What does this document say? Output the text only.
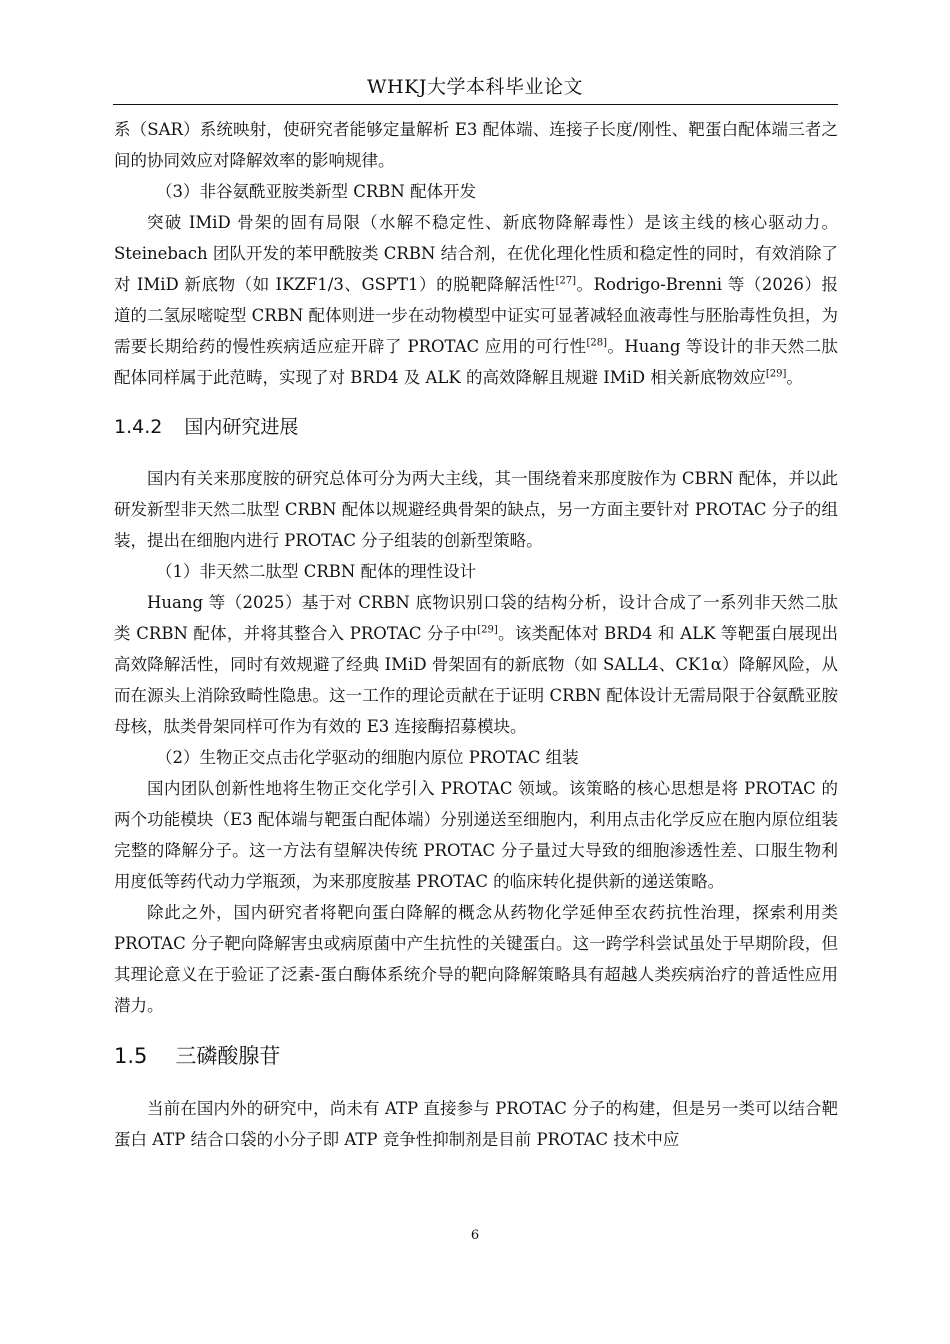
WHKJ大学本科毕业论文

系（SAR）系统映射，使研究者能够定量解析 E3 配体端、连接子长度/刚性、靶蛋白配体端三者之间的协同效应对降解效率的影响规律。

（3）非谷氨酰亚胺类新型 CRBN 配体开发

突破 IMiD 骨架的固有局限（水解不稳定性、新底物降解毒性）是该主线的核心驱动力。Steinebach 团队开发的苯甲酰胺类 CRBN 结合剂，在优化理化性质和稳定性的同时，有效消除了对 IMiD 新底物（如 IKZF1/3、GSPT1）的脱靶降解活性[27]。Rodrigo-Brenni 等（2026）报道的二氢尿嘧啶型 CRBN 配体则进一步在动物模型中证实可显著减轻血液毒性与胚胎毒性负担，为需要长期给药的慢性疾病适应症开辟了 PROTAC 应用的可行性[28]。Huang 等设计的非天然二肽配体同样属于此范畴，实现了对 BRD4 及 ALK 的高效降解且规避 IMiD 相关新底物效应[29]。

1.4.2 国内研究进展

国内有关来那度胺的研究总体可分为两大主线，其一围绕着来那度胺作为 CBRN 配体，并以此研发新型非天然二肽型 CRBN 配体以规避经典骨架的缺点，另一方面主要针对 PROTAC 分子的组装，提出在细胞内进行 PROTAC 分子组装的创新型策略。

（1）非天然二肽型 CRBN 配体的理性设计

Huang 等（2025）基于对 CRBN 底物识别口袋的结构分析，设计合成了一系列非天然二肽类 CRBN 配体，并将其整合入 PROTAC 分子中[29]。该类配体对 BRD4 和 ALK 等靶蛋白展现出高效降解活性，同时有效规避了经典 IMiD 骨架固有的新底物（如 SALL4、CK1α）降解风险，从而在源头上消除致畸性隐患。这一工作的理论贡献在于证明 CRBN 配体设计无需局限于谷氨酰亚胺母核，肽类骨架同样可作为有效的 E3 连接酶招募模块。

（2）生物正交点击化学驱动的细胞内原位 PROTAC 组装

国内团队创新性地将生物正交化学引入 PROTAC 领域。该策略的核心思想是将 PROTAC 的两个功能模块（E3 配体端与靶蛋白配体端）分别递送至细胞内，利用点击化学反应在胞内原位组装完整的降解分子。这一方法有望解决传统 PROTAC 分子量过大导致的细胞渗透性差、口服生物利用度低等药代动力学瓶颈，为来那度胺基 PROTAC 的临床转化提供新的递送策略。

除此之外，国内研究者将靶向蛋白降解的概念从药物化学延伸至农药抗性治理，探索利用类 PROTAC 分子靶向降解害虫或病原菌中产生抗性的关键蛋白。这一跨学科尝试虽处于早期阶段，但其理论意义在于验证了泛素-蛋白酶体系统介导的靶向降解策略具有超越人类疾病治疗的普适性应用潜力。

1.5 三磷酸腺苷

当前在国内外的研究中，尚未有 ATP 直接参与 PROTAC 分子的构建，但是另一类可以结合靶蛋白 ATP 结合口袋的小分子即 ATP 竞争性抑制剂是目前 PROTAC 技术中应

6
